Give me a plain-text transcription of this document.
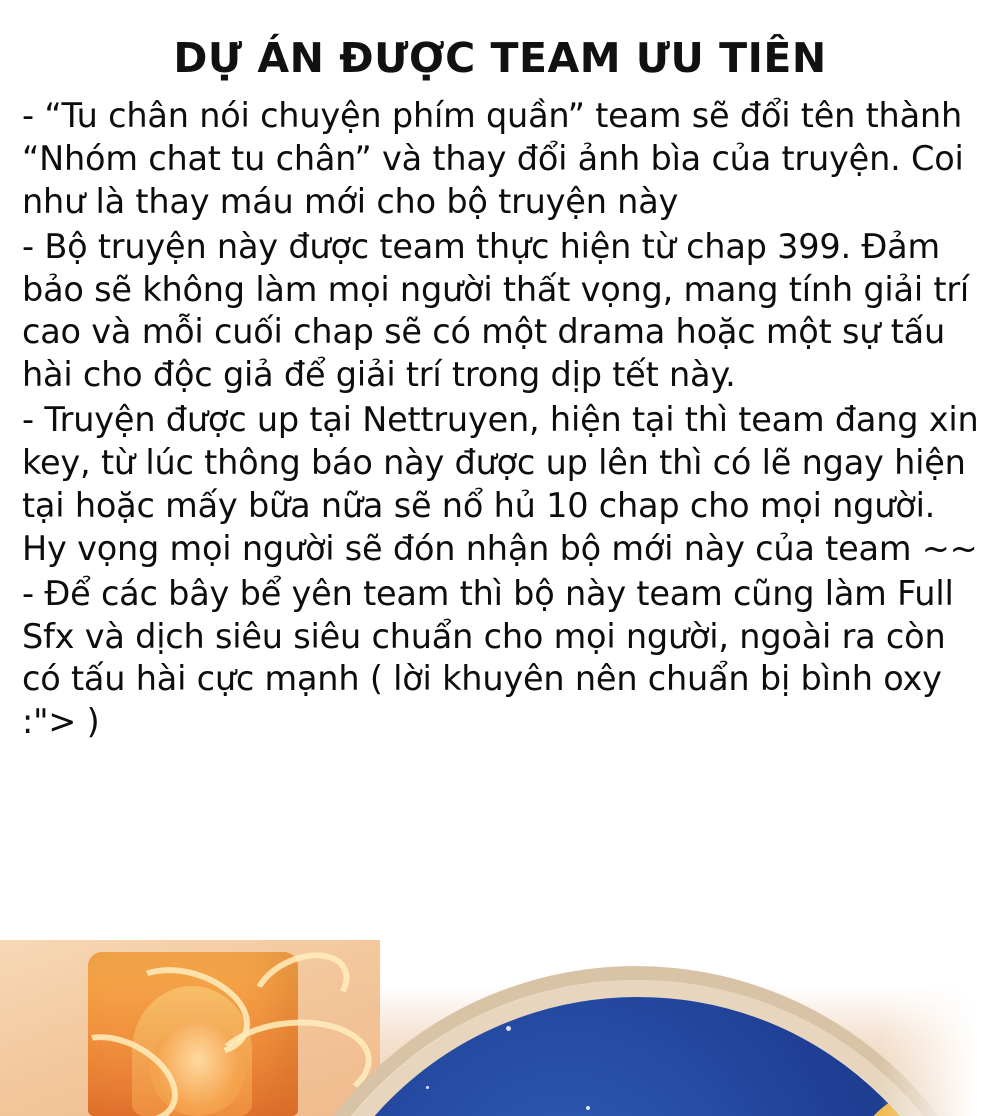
DỰ ÁN ĐƯỢC TEAM ƯU TIÊN

- “Tu chân nói chuyện phím quần” team sẽ đổi tên thành “Nhóm chat tu chân” và thay đổi ảnh bìa của truyện. Coi như là thay máu mới cho bộ truyện này

- Bộ truyện này được team thực hiện từ chap 399. Đảm bảo sẽ không làm mọi người thất vọng, mang tính giải trí cao và mỗi cuối chap sẽ có một drama hoặc một sự tấu hài cho độc giả để giải trí trong dịp tết này.

- Truyện được up tại Nettruyen, hiện tại thì team đang xin key, từ lúc thông báo này được up lên thì có lẽ ngay hiện tại hoặc mấy bữa nữa sẽ nổ hủ 10 chap cho mọi người. Hy vọng mọi người sẽ đón nhận bộ mới này của team ~~

- Để các bây bể yên team thì bộ này team cũng làm Full Sfx và dịch siêu siêu chuẩn cho mọi người, ngoài ra còn có tấu hài cực mạnh ( lời khuyên nên chuẩn bị bình oxy :"> )
